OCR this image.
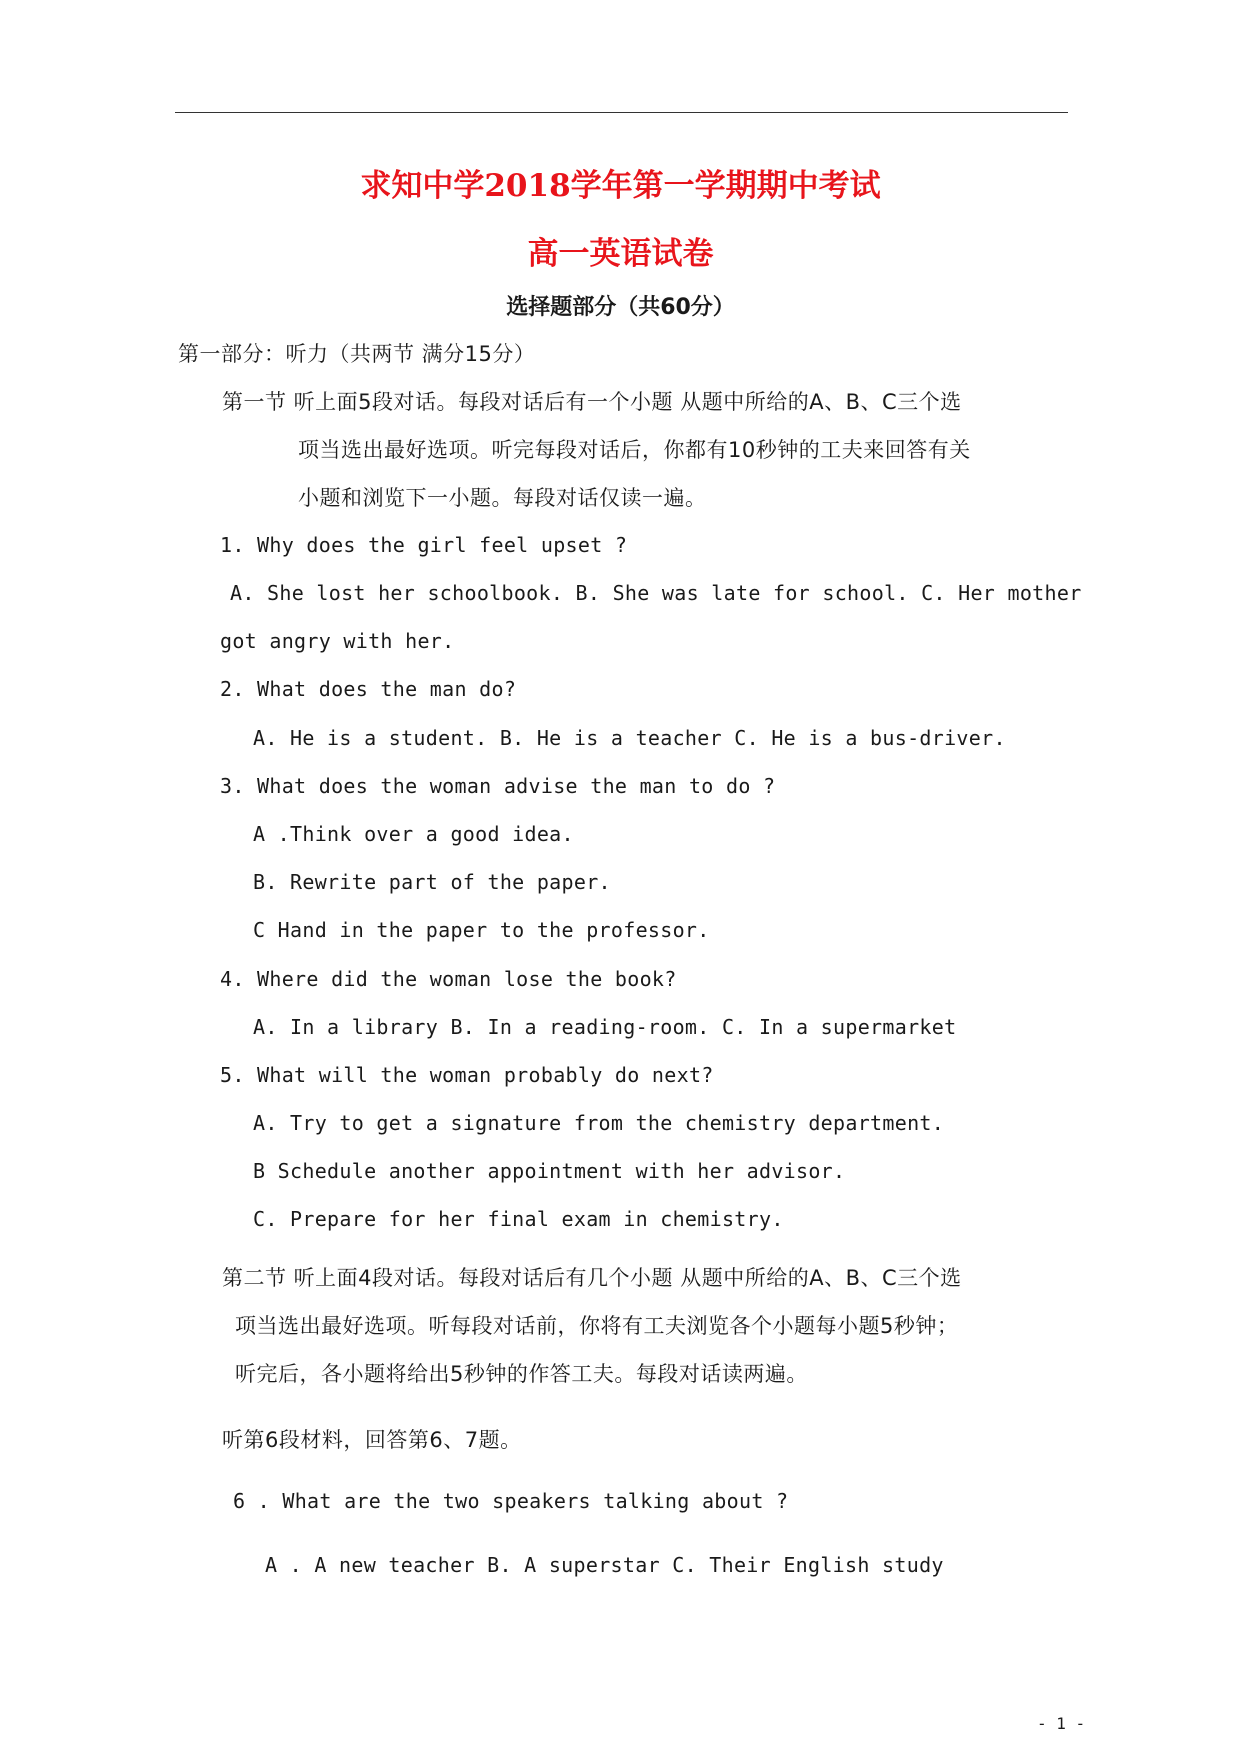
求知中学2018学年第一学期期中考试
高一英语试卷
选择题部分（共60分）
第一部分：听力（共两节 满分15分）
第一节 听上面5段对话。每段对话后有一个小题 从题中所给的A、B、C三个选
项当选出最好选项。听完每段对话后，你都有10秒钟的工夫来回答有关
小题和浏览下一小题。每段对话仅读一遍。
1. Why does the girl feel upset ?
A. She lost her schoolbook. B. She was late for school. C. Her mother
got angry with her.
2. What does the man do?
A. He is a student. B. He is a teacher C. He is a bus-driver.
3. What does the woman advise the man to do ?
A .Think over a good idea.
B. Rewrite part of the paper.
C Hand in the paper to the professor.
4. Where did the woman lose the book?
A. In a library B. In a reading-room. C. In a supermarket
5. What will the woman probably do next?
A. Try to get a signature from the chemistry department.
B Schedule another appointment with her advisor.
C. Prepare for her final exam in chemistry.
第二节 听上面4段对话。每段对话后有几个小题 从题中所给的A、B、C三个选
项当选出最好选项。听每段对话前，你将有工夫浏览各个小题每小题5秒钟；
听完后，各小题将给出5秒钟的作答工夫。每段对话读两遍。
听第6段材料，回答第6、7题。
6 . What are the two speakers talking about ?
A . A new teacher B. A superstar C. Their English study
- 1 -
